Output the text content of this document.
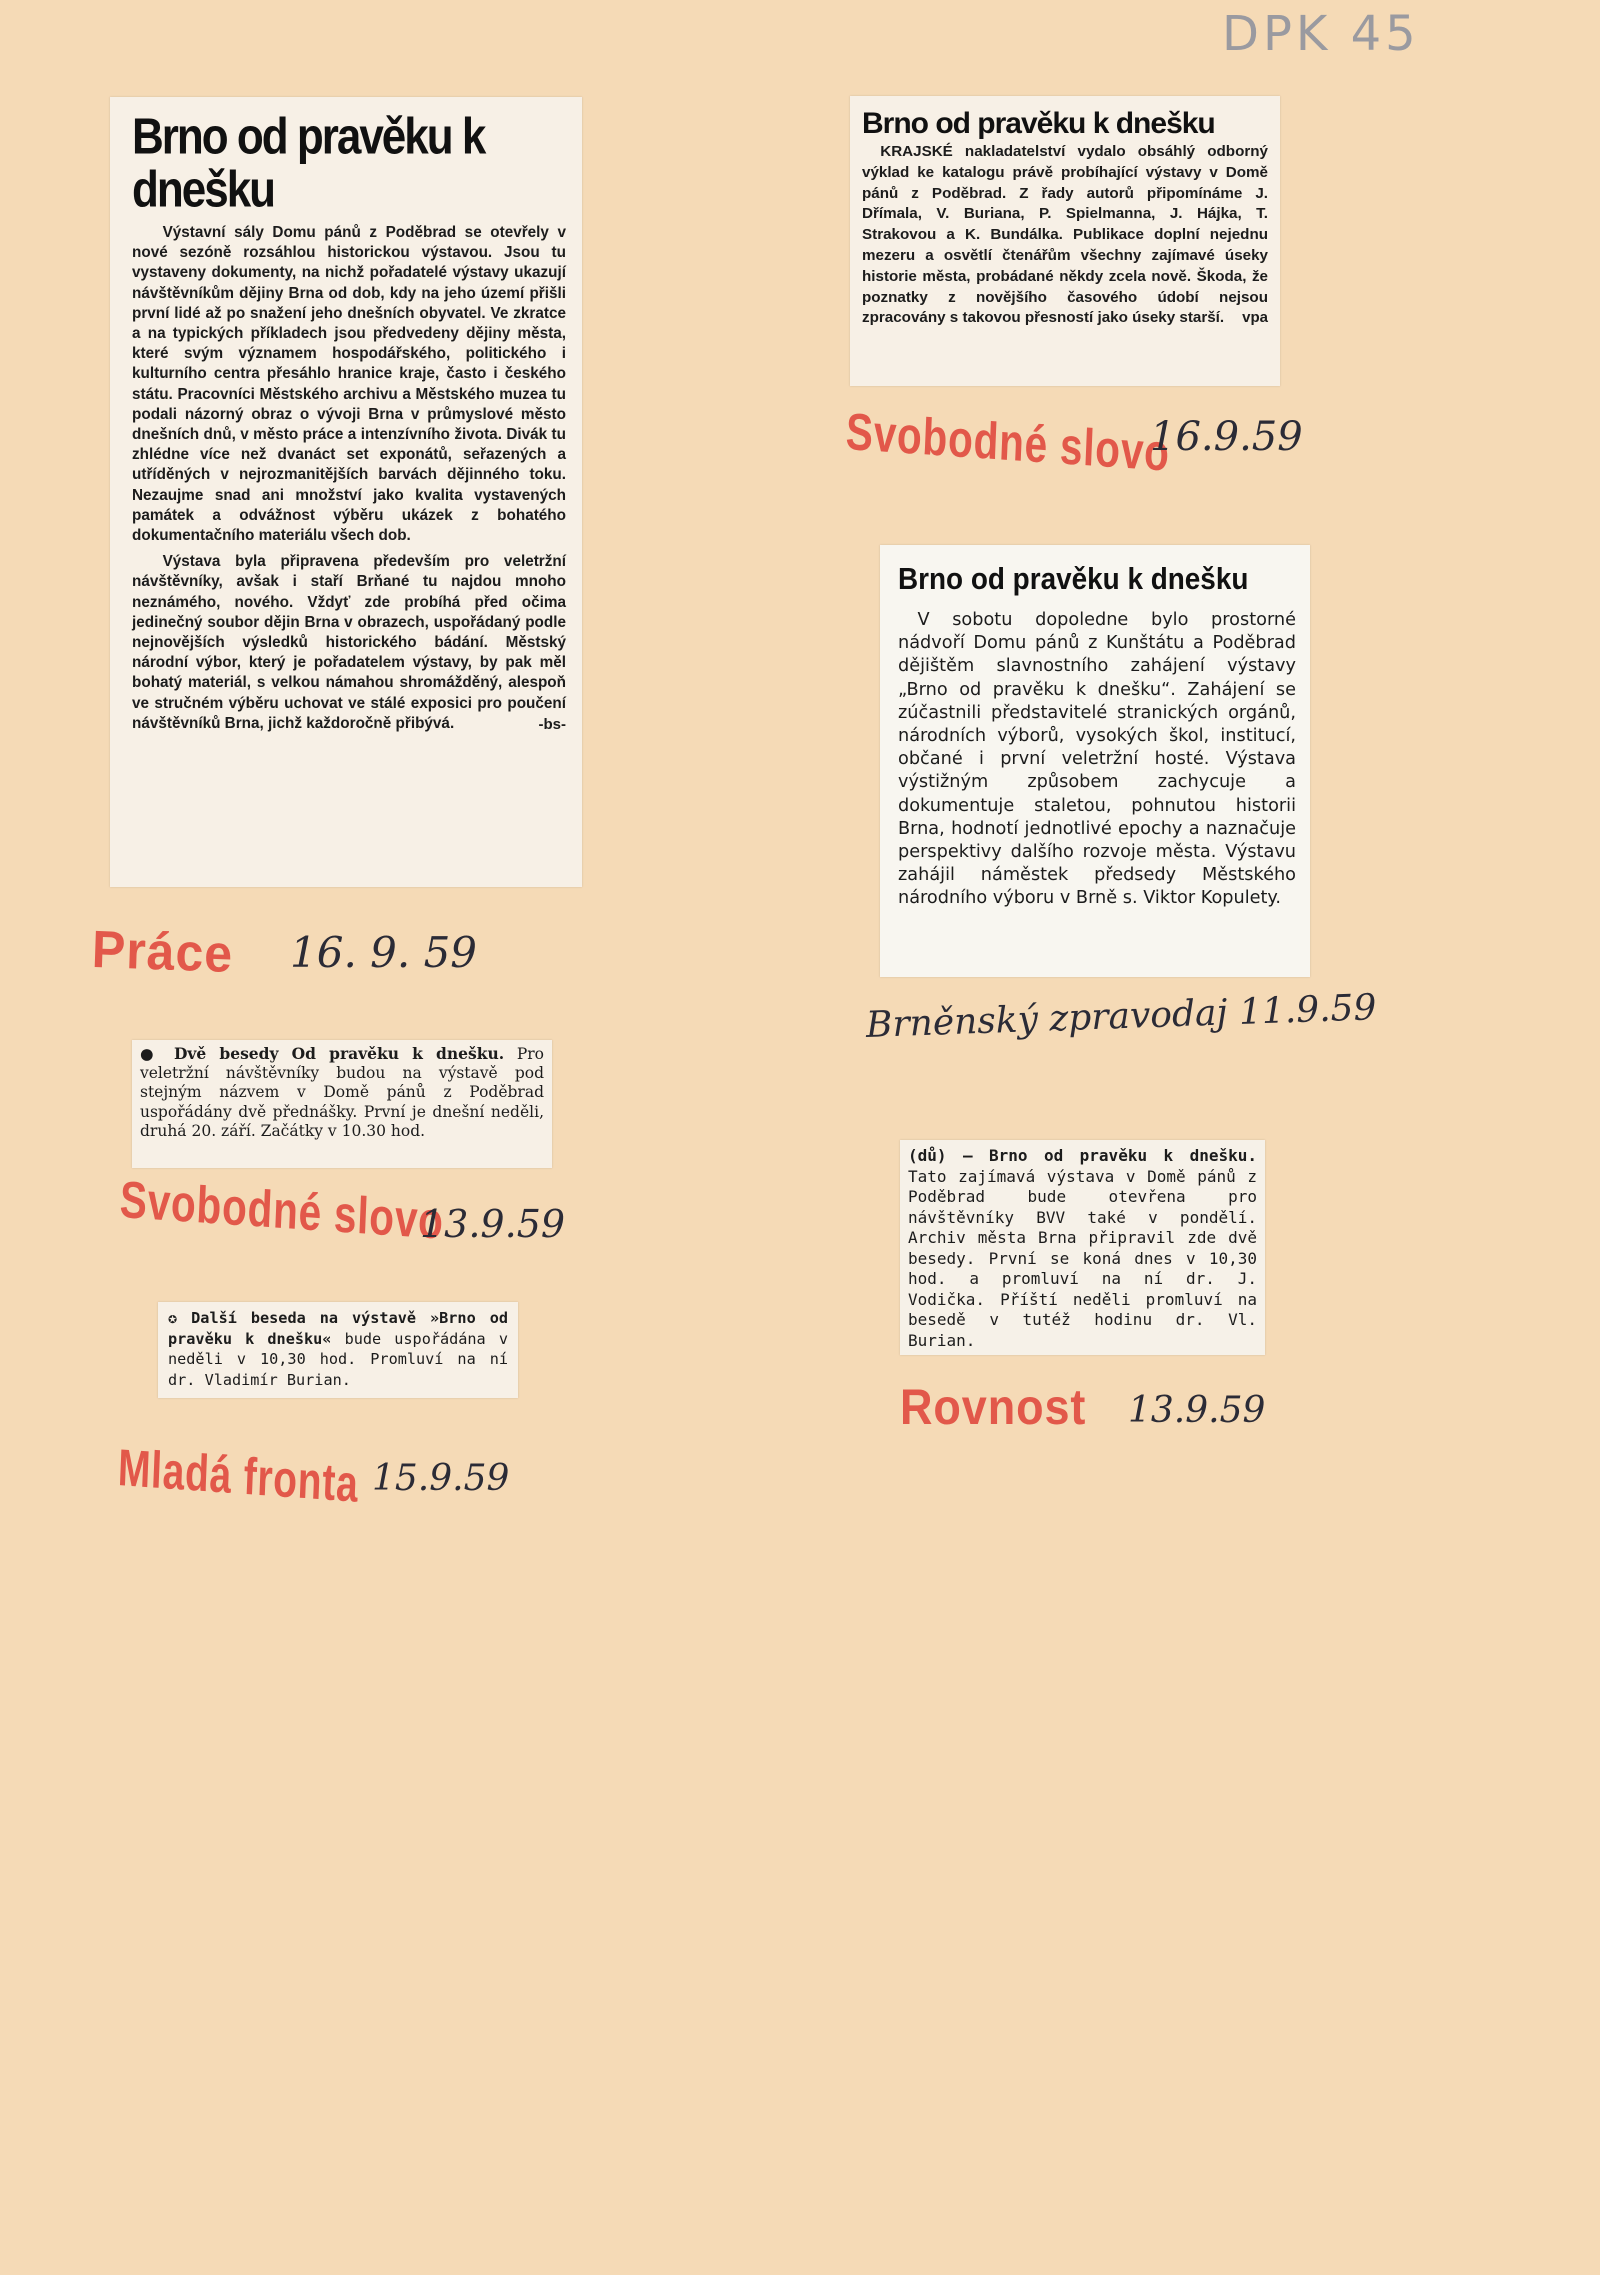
DPK 45
Brno od pravěku k dnešku

Výstavní sály Domu pánů z Poděbrad se otevřely v nové sezóně rozsáhlou historickou výstavou. Jsou tu vystaveny dokumenty, na nichž pořadatelé výstavy ukazují návštěvníkům dějiny Brna od dob, kdy na jeho území přišli první lidé až po snažení jeho dnešních obyvatel. Ve zkratce a na typických příkladech jsou předvedeny dějiny města, které svým významem hospodářského, politického i kulturního centra přesáhlo hranice kraje, často i českého státu. Pracovníci Městského archivu a Městského muzea tu podali názorný obraz o vývoji Brna v průmyslové město dnešních dnů, v město práce a intenzívního života. Divák tu zhlédne více než dvanáct set exponátů, seřazených a utříděných v nejrozmanitějších barvách dějinného toku. Nezaujme snad ani množství jako kvalita vystavených památek a odvážnost výběru ukázek z bohatého dokumentačního materiálu všech dob.

Výstava byla připravena především pro veletržní návštěvníky, avšak i staří Brňané tu najdou mnoho neznámého, nového. Vždyť zde probíhá před očima jedinečný soubor dějin Brna v obrazech, uspořádaný podle nejnovějších výsledků historického bádání. Městský národní výbor, který je pořadatelem výstavy, by pak měl bohatý materiál, s velkou námahou shromážděný, alespoň ve stručném výběru uchovat ve stálé exposici pro poučení návštěvníků Brna, jichž každoročně přibývá.	-bs-
Práce 16. 9. 59
Brno od pravěku k dnešku

KRAJSKÉ nakladatelství vydalo obsáhlý odborný výklad ke katalogu právě probíhající výstavy v Domě pánů z Poděbrad. Z řady autorů připomínáme J. Dřímala, V. Buriana, P. Spielmanna, J. Hájka, T. Strakovou a K. Bundálka. Publikace doplní nejednu mezeru a osvětlí čtenářům všechny zajímavé úseky historie města, probádané někdy zcela nově. Škoda, že poznatky z novějšího časového údobí nejsou zpracovány s takovou přesností jako úseky starší.	vpa
Svobodné slovo
16.9.59
Brno od pravěku k dnešku

V sobotu dopoledne bylo prostorné nádvoří Domu pánů z Kunštátu a Poděbrad dějištěm slavnostního zahájení výstavy „Brno od pravěku k dnešku“. Zahájení se zúčastnili představitelé stranických orgánů, národních výborů, vysokých škol, institucí, občané i první veletržní hosté. Výstava výstižným způsobem zachycuje a dokumentuje staletou, pohnutou historii Brna, hodnotí jednotlivé epochy a naznačuje perspektivy dalšího rozvoje města. Výstavu zahájil náměstek předsedy Městského národního výboru v Brně s. Viktor Kopulety.

Brněnský zpravodaj 11.9.59

● Dvě besedy Od pravěku k dnešku. Pro veletržní návštěvníky budou na výstavě pod stejným názvem v Domě pánů z Poděbrad uspořádány dvě přednášky. První je dnešní neděli, druhá 20. září. Začátky v 10.30 hod.

Svobodné slovo
13.9.59

✪ Další beseda na výstavě »Brno od pravěku k dnešku« bude uspořádána v neděli v 10,30 hod. Promluví na ní dr. Vladimír Burian.

Mladá fronta 15.9.59

(dů) — Brno od pravěku k dnešku. Tato zajímavá výstava v Domě pánů z Poděbrad bude otevřena pro návštěvníky BVV také v pondělí. Archiv města Brna připravil zde dvě besedy. První se koná dnes v 10,30 hod. a promluví na ní dr. J. Vodička. Příští neděli promluví na besedě v tutéž hodinu dr. Vl. Burian.

Rovnost 13.9.59
